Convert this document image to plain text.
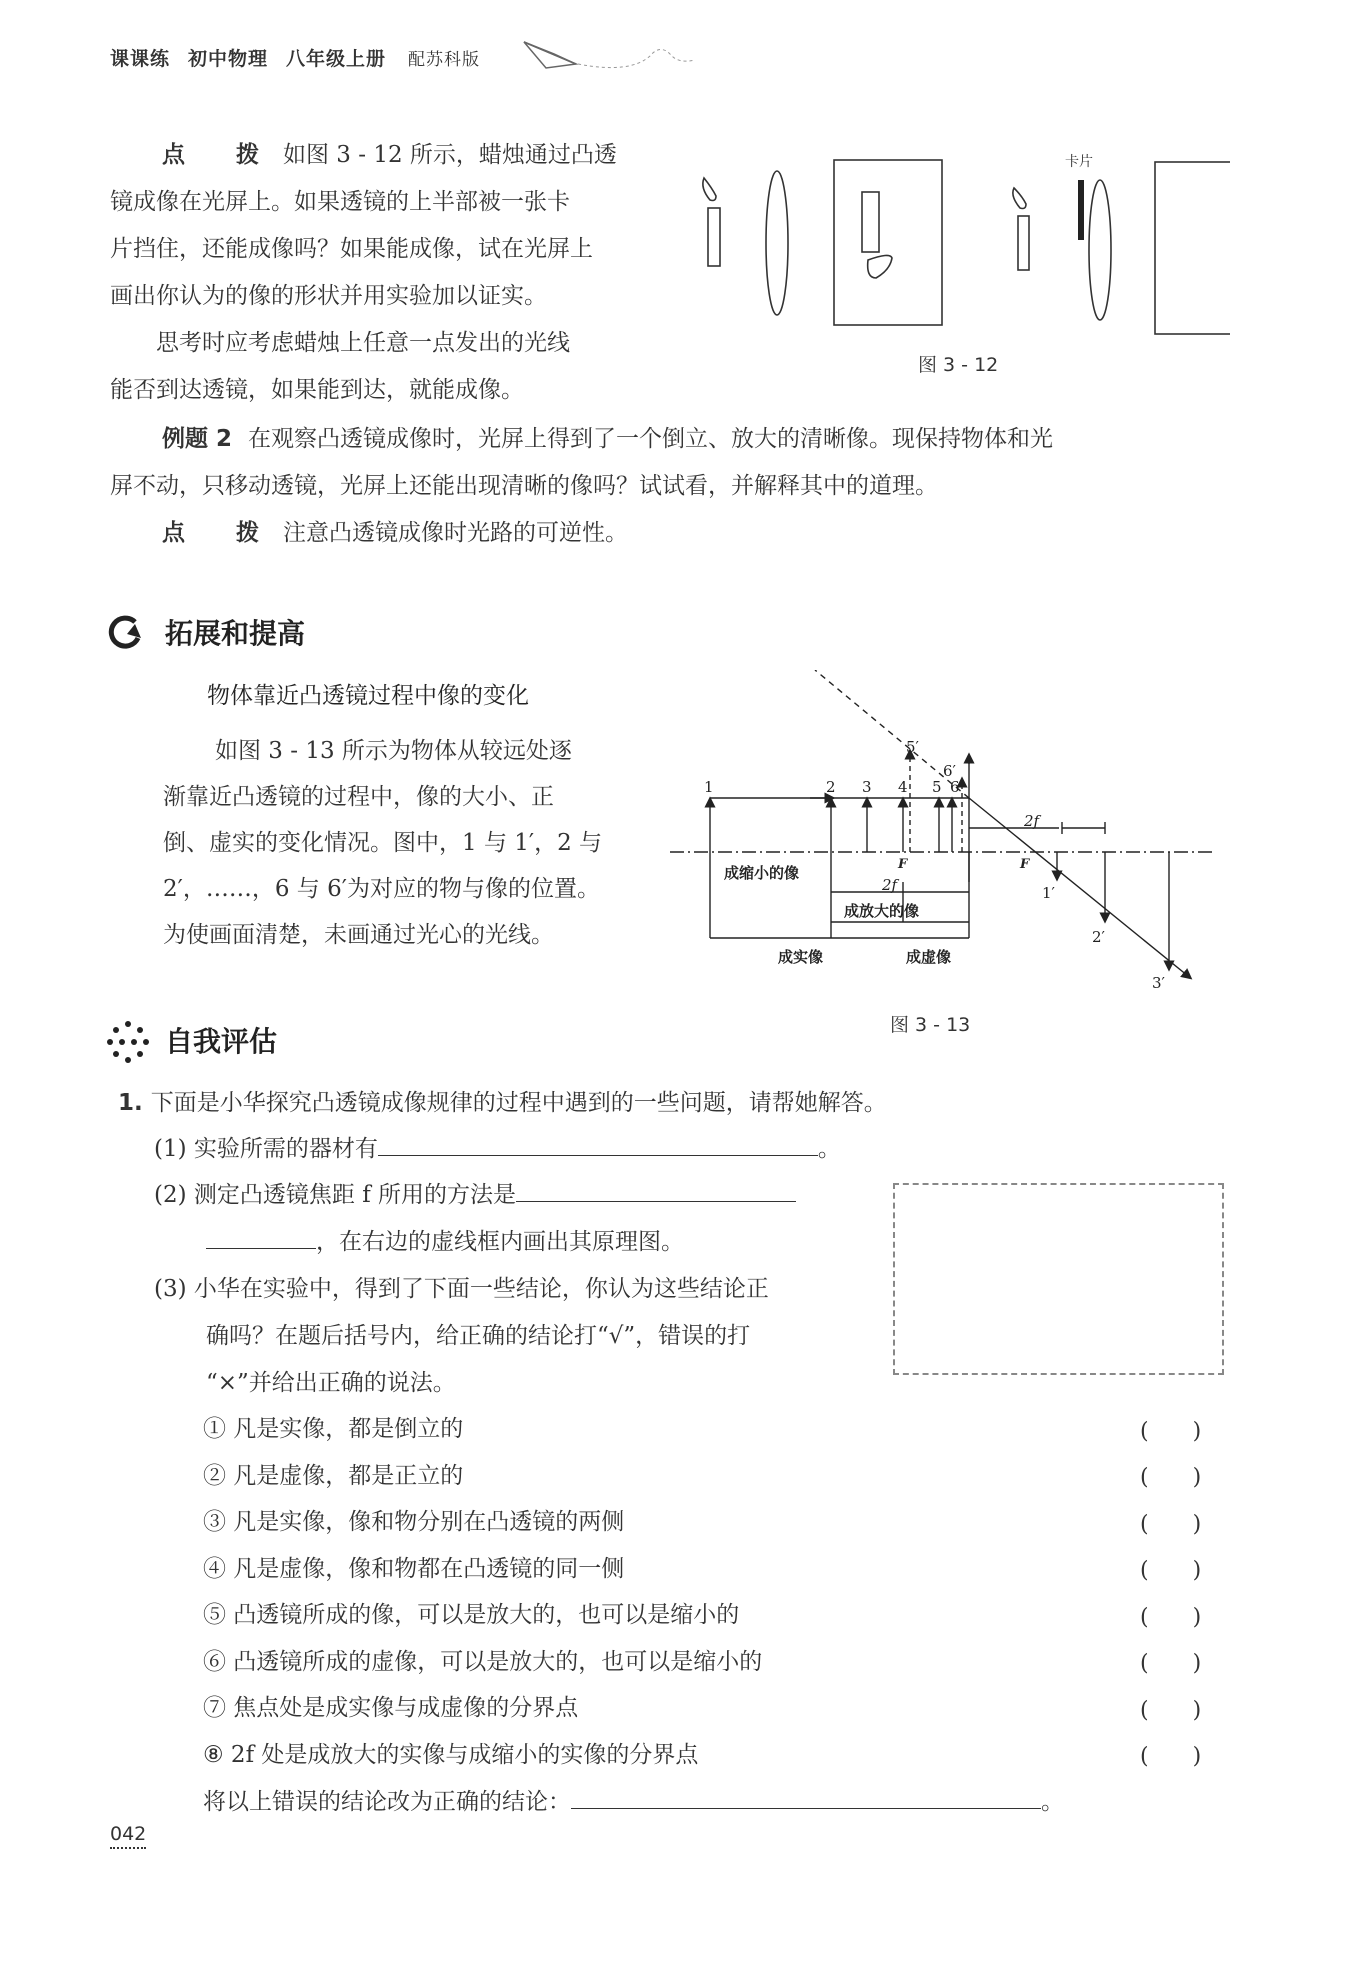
课课练 初中物理 八年级上册 配苏科版

点　拨 如图 3 - 12 所示，蜡烛通过凸透

镜成像在光屏上。如果透镜的上半部被一张卡

片挡住，还能成像吗？如果能成像，试在光屏上

画出你认为的像的形状并用实验加以证实。

　　思考时应考虑蜡烛上任意一点发出的光线

能否到达透镜，如果能到达，就能成像。

卡片
图 3 - 12

例题 2 在观察凸透镜成像时，光屏上得到了一个倒立、放大的清晰像。现保持物体和光

屏不动，只移动透镜，光屏上还能出现清晰的像吗？试试看，并解释其中的道理。

点　拨 注意凸透镜成像时光路的可逆性。

拓展和提高
物体靠近凸透镜过程中像的变化

如图 3 - 13 所示为物体从较远处逐

渐靠近凸透镜的过程中，像的大小、正

倒、虚实的变化情况。图中，1 与 1′，2 与

2′，……，6 与 6′为对应的物与像的位置。

为使画面清楚，未画通过光心的光线。

1	2 3 4 5 6
5′
6′
1′
2′
3′
F	F
2f
2f
成缩小的像
成放大的像
成实像	成虚像
图 3 - 13
自我评估
1. 下面是小华探究凸透镜成像规律的过程中遇到的一些问题，请帮她解答。
(1) 实验所需的器材有	。

(2) 测定凸透镜焦距 f 所用的方法是

，在右边的虚线框内画出其原理图。

(3) 小华在实验中，得到了下面一些结论，你认为这些结论正

确吗？在题后括号内，给正确的结论打“√”，错误的打

“×”并给出正确的说法。

① 凡是实像，都是倒立的

② 凡是虚像，都是正立的

③ 凡是实像，像和物分别在凸透镜的两侧

④ 凡是虚像，像和物都在凸透镜的同一侧

⑤ 凸透镜所成的像，可以是放大的，也可以是缩小的

⑥ 凸透镜所成的虚像，可以是放大的，也可以是缩小的

⑦ 焦点处是成实像与成虚像的分界点

⑧ 2f 处是成放大的实像与成缩小的实像的分界点

(　　)
(　　)
(　　)
(　　)
(　　)
(　　)
(　　)
(　　)
将以上错误的结论改为正确的结论：	。
042
